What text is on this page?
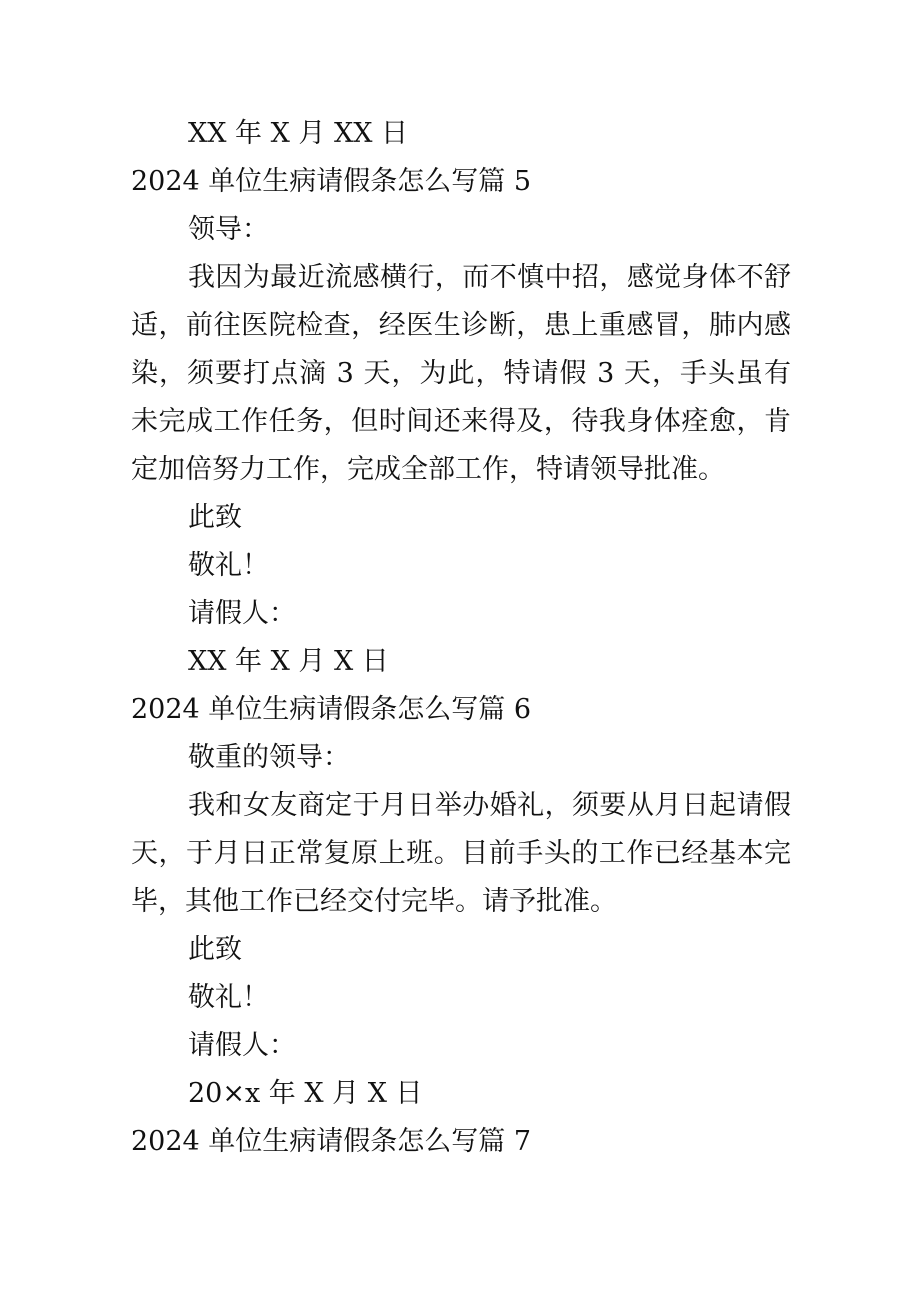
XX 年 X 月 XX 日
2024 单位生病请假条怎么写篇 5
领导：
我因为最近流感横行，而不慎中招，感觉身体不舒适，前往医院检查，经医生诊断，患上重感冒，肺内感染，须要打点滴 3 天，为此，特请假 3 天，手头虽有未完成工作任务，但时间还来得及，待我身体痊愈，肯定加倍努力工作，完成全部工作，特请领导批准。
此致
敬礼！
请假人：
XX 年 X 月 X 日
2024 单位生病请假条怎么写篇 6
敬重的领导：
我和女友商定于月日举办婚礼，须要从月日起请假天，于月日正常复原上班。目前手头的工作已经基本完毕，其他工作已经交付完毕。请予批准。
此致
敬礼！
请假人：
20×x 年 X 月 X 日
2024 单位生病请假条怎么写篇 7
